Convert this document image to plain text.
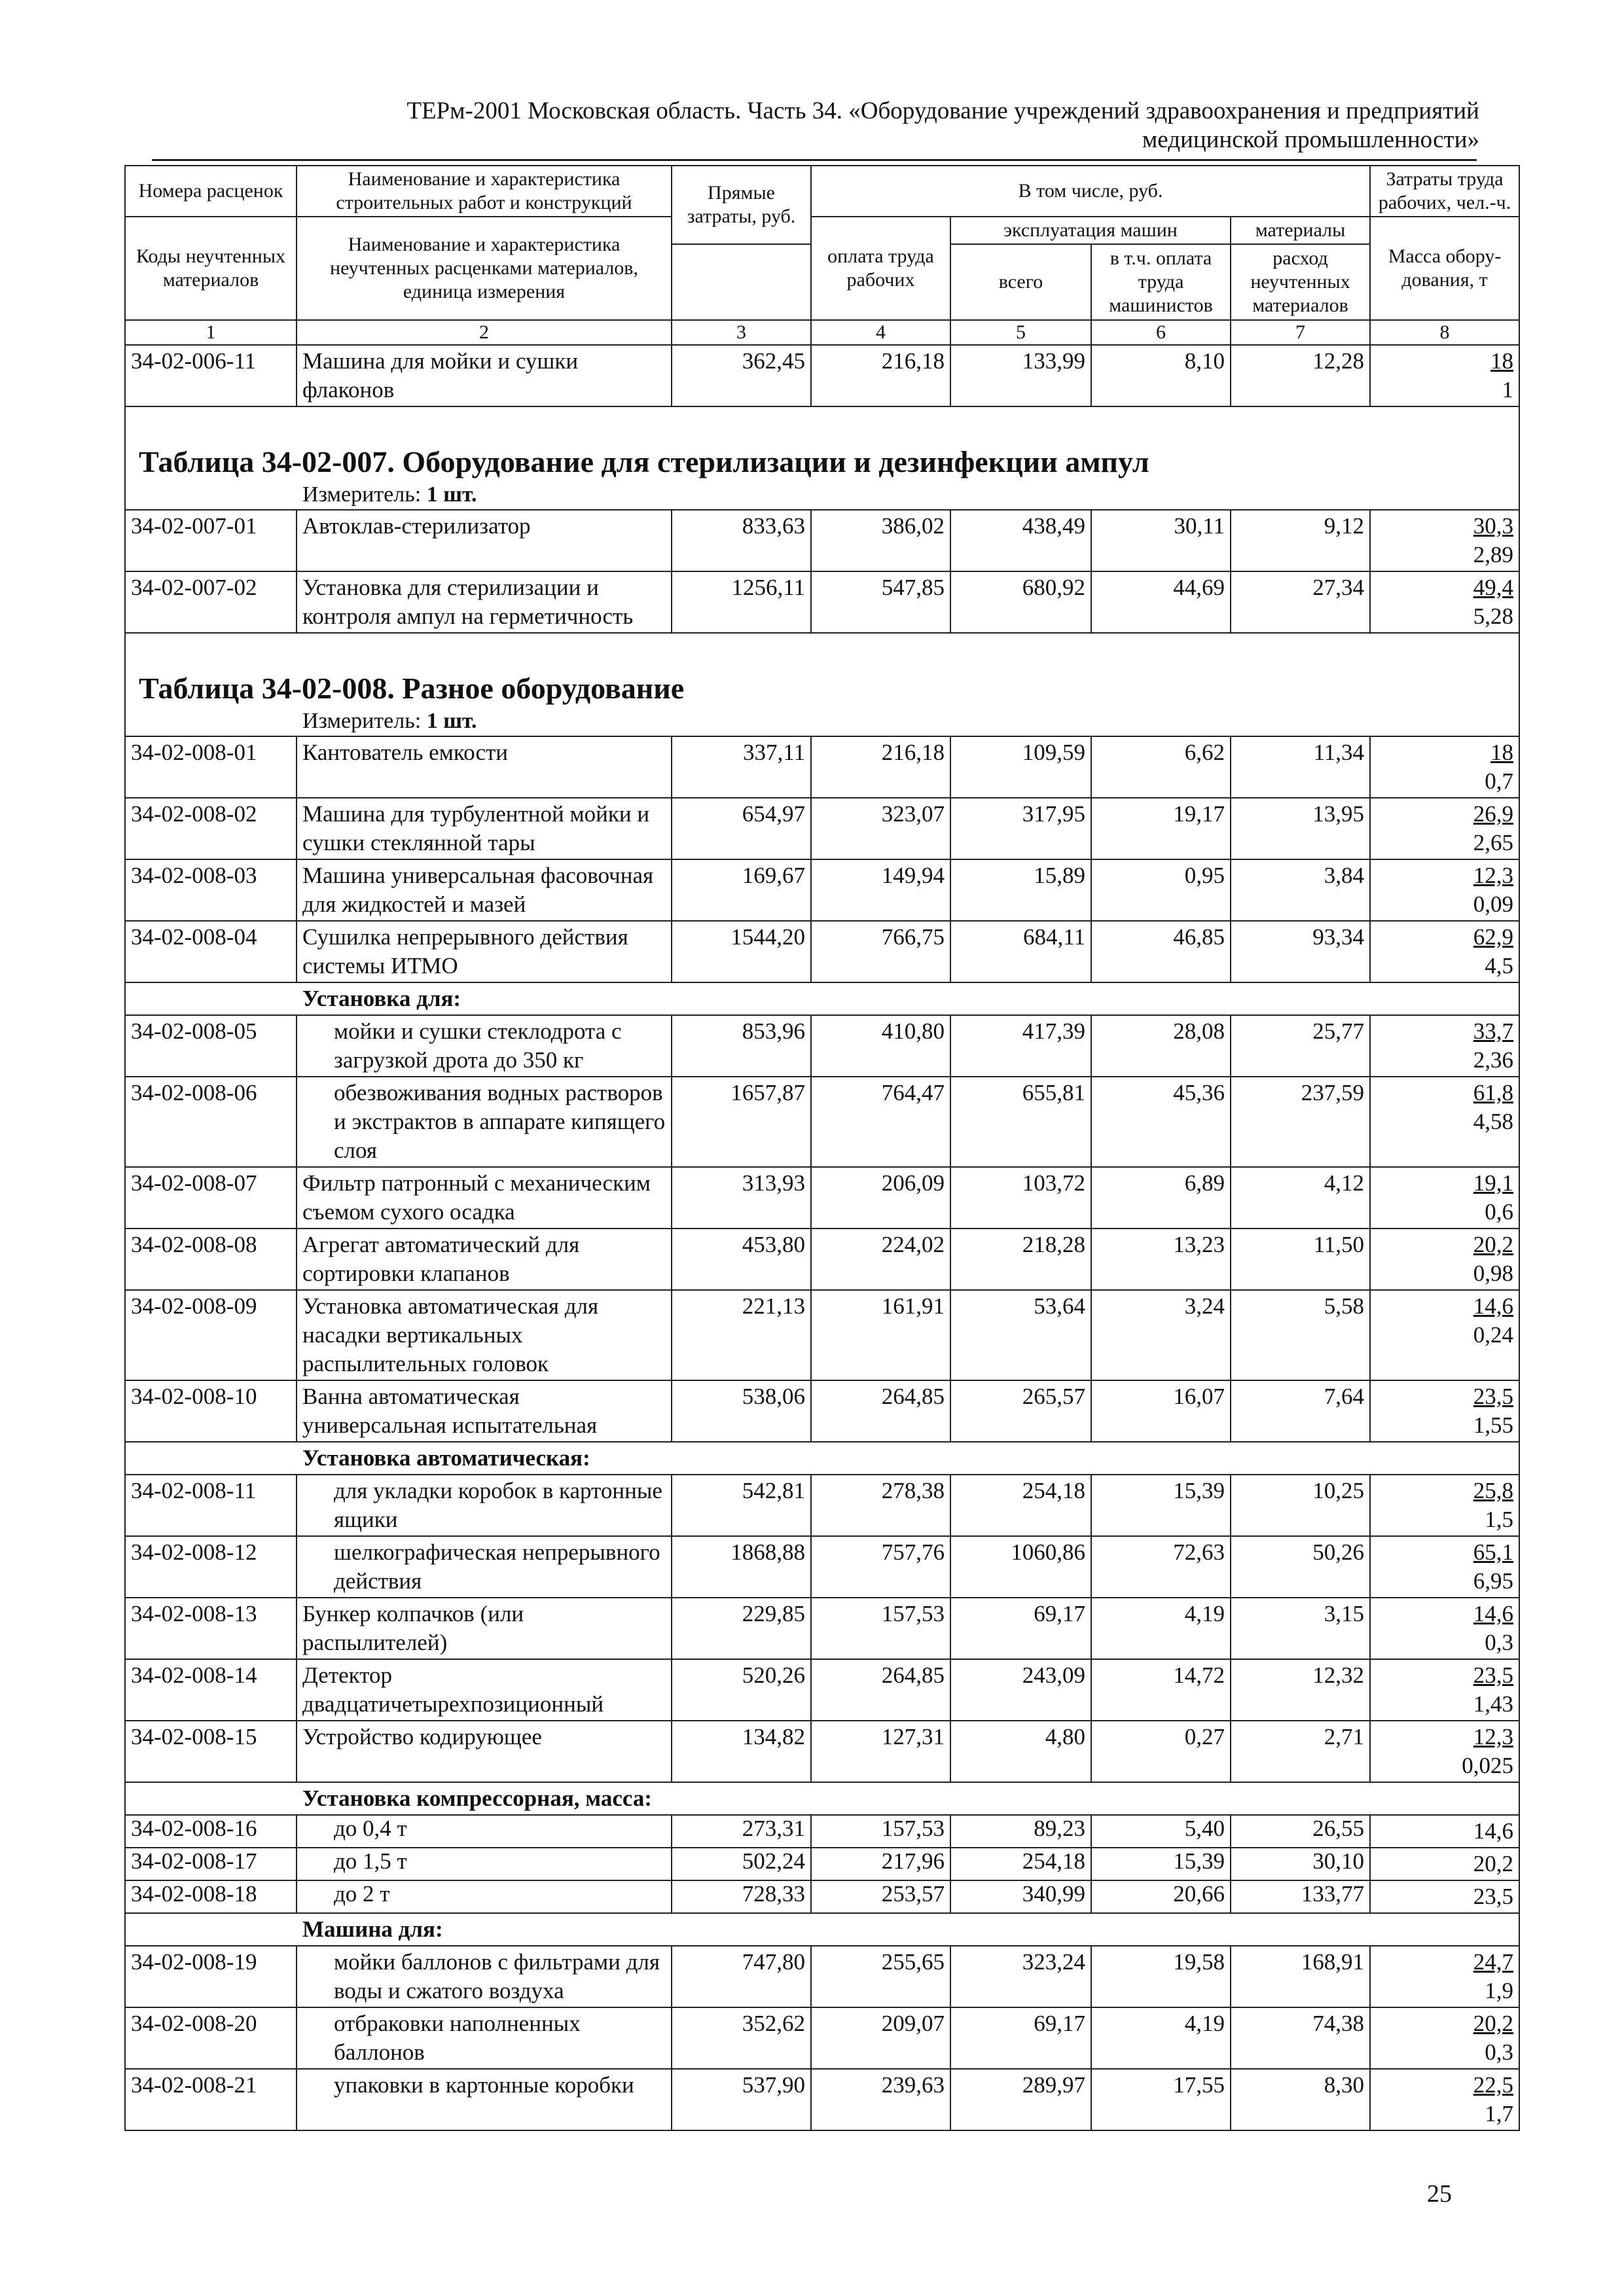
ТЕРм-2001 Московская область. Часть 34. «Оборудование учреждений здравоохранения и предприятий
медицинской промышленности»
Номера расценок	Наименование и характеристика строительных работ и конструкций	Прямые затраты, руб.	В том числе, руб.				Затраты труда рабочих, чел.-ч.
Коды неучтенных материалов	Наименование и характеристика неучтенных расценками материалов, единица измерения		оплата труда рабочих	эксплуатация машин		материалы	Масса обору-дования, т
				всего	в т.ч. оплата труда машинистов	расход неучтенных материалов	
1	2	3	4	5	6	7	8
34-02-006-11	Машина для мойки и сушки флаконов	362,45	216,18	133,99	8,10	12,28	18
1

Таблица 34-02-007. Оборудование для стерилизации и дезинфекции ампул							

Измеритель: 1 шт.							
34-02-007-01	Автоклав-стерилизатор	833,63	386,02	438,49	30,11	9,12	30,3
2,89
34-02-007-02	Установка для стерилизации и контроля ампул на герметичность	1256,11	547,85	680,92	44,69	27,34	49,4
5,28

Таблица 34-02-008. Разное оборудование							

Измеритель: 1 шт.							
34-02-008-01	Кантователь емкости	337,11	216,18	109,59	6,62	11,34	18
0,7
34-02-008-02	Машина для турбулентной мойки и сушки стеклянной тары	654,97	323,07	317,95	19,17	13,95	26,9
2,65
34-02-008-03	Машина универсальная фасовочная для жидкостей и мазей	169,67	149,94	15,89	0,95	3,84	12,3
0,09
34-02-008-04	Сушилка непрерывного действия системы ИТМО	1544,20	766,75	684,11	46,85	93,34	62,9
4,5
Установка для:							
34-02-008-05	мойки и сушки стеклодрота с загрузкой дрота до 350 кг	853,96	410,80	417,39	28,08	25,77	33,7
2,36
34-02-008-06	обезвоживания водных растворов и экстрактов в аппарате кипящего слоя	1657,87	764,47	655,81	45,36	237,59	61,8
4,58
34-02-008-07	Фильтр патронный с механическим съемом сухого осадка	313,93	206,09	103,72	6,89	4,12	19,1
0,6
34-02-008-08	Агрегат автоматический для сортировки клапанов	453,80	224,02	218,28	13,23	11,50	20,2
0,98
34-02-008-09	Установка автоматическая для насадки вертикальных распылительных головок	221,13	161,91	53,64	3,24	5,58	14,6
0,24
34-02-008-10	Ванна автоматическая универсальная испытательная	538,06	264,85	265,57	16,07	7,64	23,5
1,55
Установка автоматическая:							
34-02-008-11	для укладки коробок в картонные ящики	542,81	278,38	254,18	15,39	10,25	25,8
1,5
34-02-008-12	шелкографическая непрерывного действия	1868,88	757,76	1060,86	72,63	50,26	65,1
6,95
34-02-008-13	Бункер колпачков (или распылителей)	229,85	157,53	69,17	4,19	3,15	14,6
0,3
34-02-008-14	Детектор двадцатичетырехпозиционный	520,26	264,85	243,09	14,72	12,32	23,5
1,43
34-02-008-15	Устройство кодирующее	134,82	127,31	4,80	0,27	2,71	12,3
0,025
Установка компрессорная, масса:							
34-02-008-16	до 0,4 т	273,31	157,53	89,23	5,40	26,55	14,6
34-02-008-17	до 1,5 т	502,24	217,96	254,18	15,39	30,10	20,2
34-02-008-18	до 2 т	728,33	253,57	340,99	20,66	133,77	23,5
Машина для:							
34-02-008-19	мойки баллонов с фильтрами для воды и сжатого воздуха	747,80	255,65	323,24	19,58	168,91	24,7
1,9
34-02-008-20	отбраковки наполненных баллонов	352,62	209,07	69,17	4,19	74,38	20,2
0,3
34-02-008-21	упаковки в картонные коробки	537,90	239,63	289,97	17,55	8,30	22,5
1,7
25
